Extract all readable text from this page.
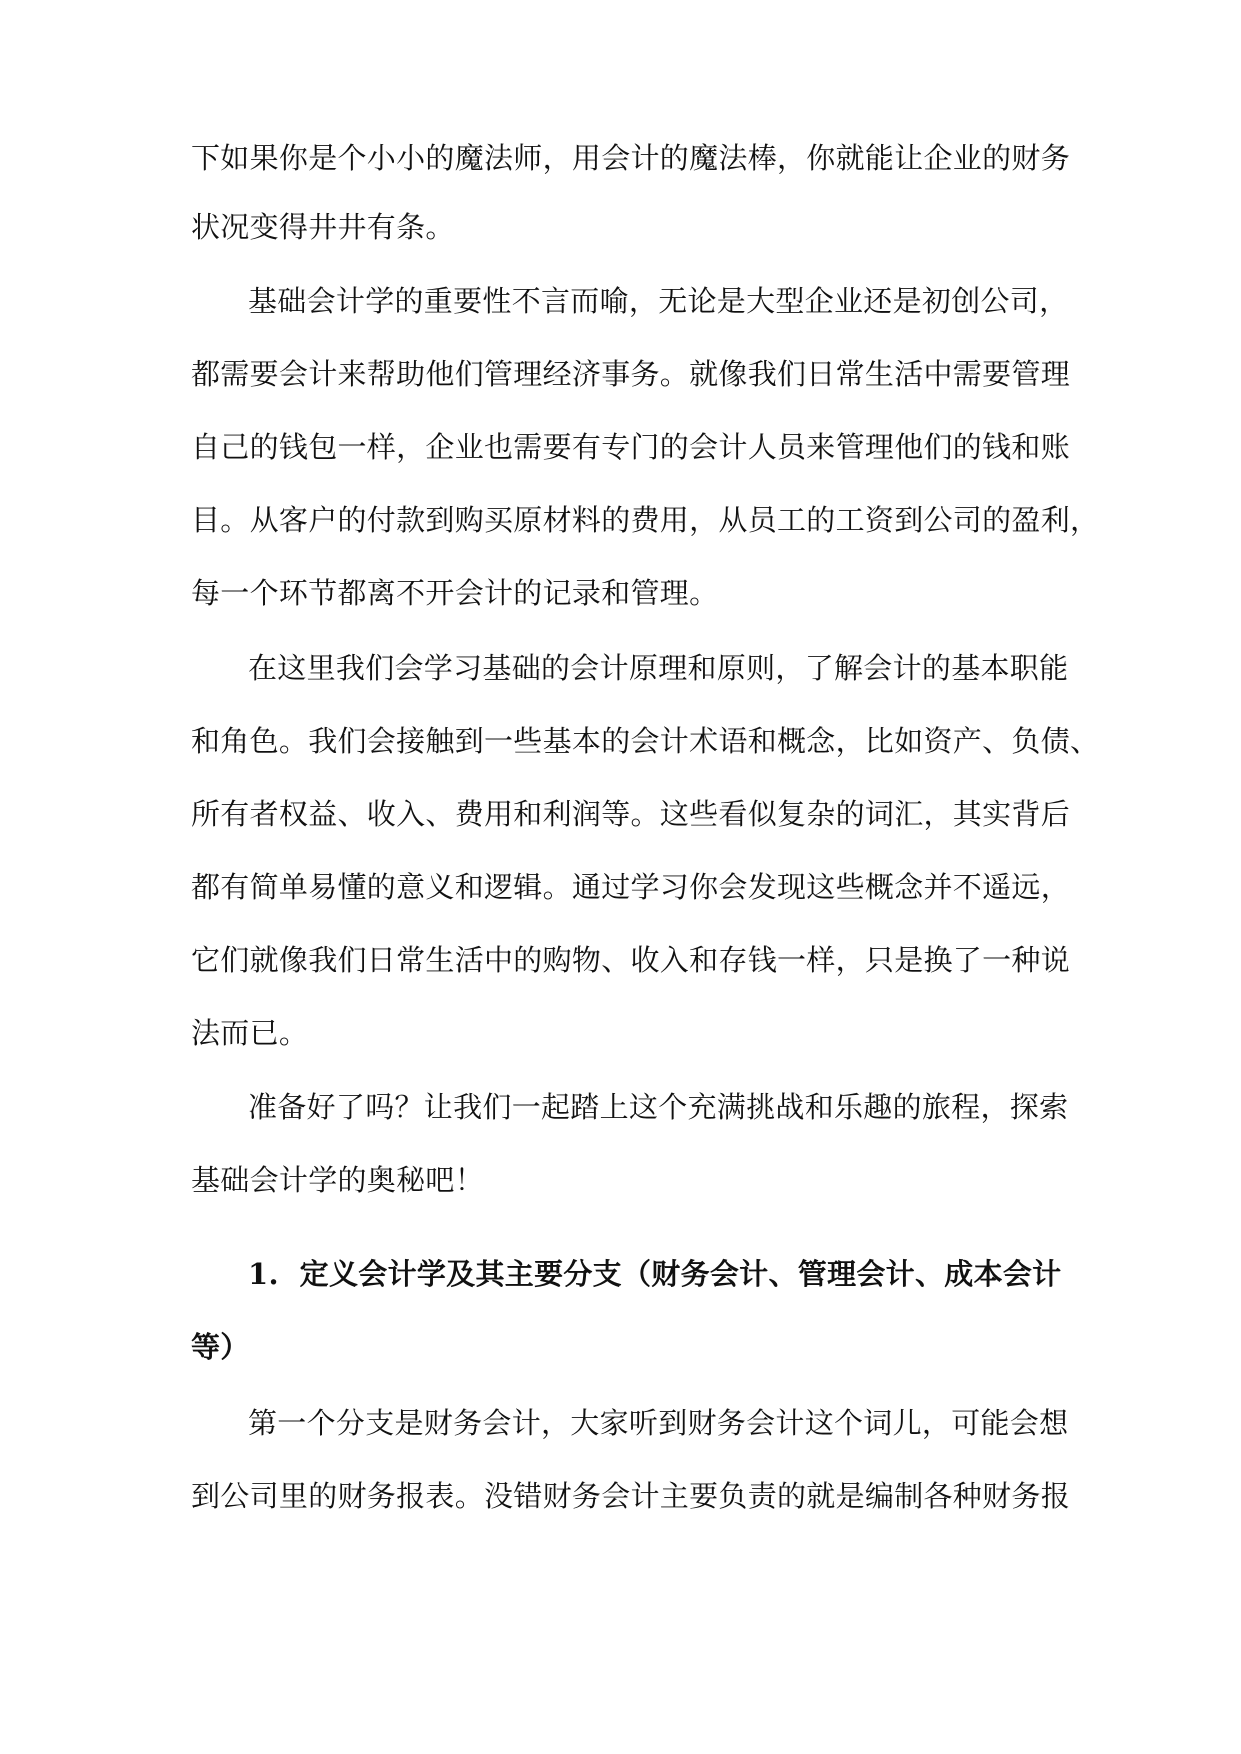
下如果你是个小小的魔法师，用会计的魔法棒，你就能让企业的财务
状况变得井井有条。
基础会计学的重要性不言而喻，无论是大型企业还是初创公司，
都需要会计来帮助他们管理经济事务。就像我们日常生活中需要管理
自己的钱包一样，企业也需要有专门的会计人员来管理他们的钱和账
目。从客户的付款到购买原材料的费用，从员工的工资到公司的盈利，
每一个环节都离不开会计的记录和管理。
在这里我们会学习基础的会计原理和原则，了解会计的基本职能
和角色。我们会接触到一些基本的会计术语和概念，比如资产、负债、
所有者权益、收入、费用和利润等。这些看似复杂的词汇，其实背后
都有简单易懂的意义和逻辑。通过学习你会发现这些概念并不遥远，
它们就像我们日常生活中的购物、收入和存钱一样，只是换了一种说
法而已。
准备好了吗？让我们一起踏上这个充满挑战和乐趣的旅程，探索
基础会计学的奥秘吧！
1. 定义会计学及其主要分支（财务会计、管理会计、成本会计
等）
第一个分支是财务会计，大家听到财务会计这个词儿，可能会想
到公司里的财务报表。没错财务会计主要负责的就是编制各种财务报
